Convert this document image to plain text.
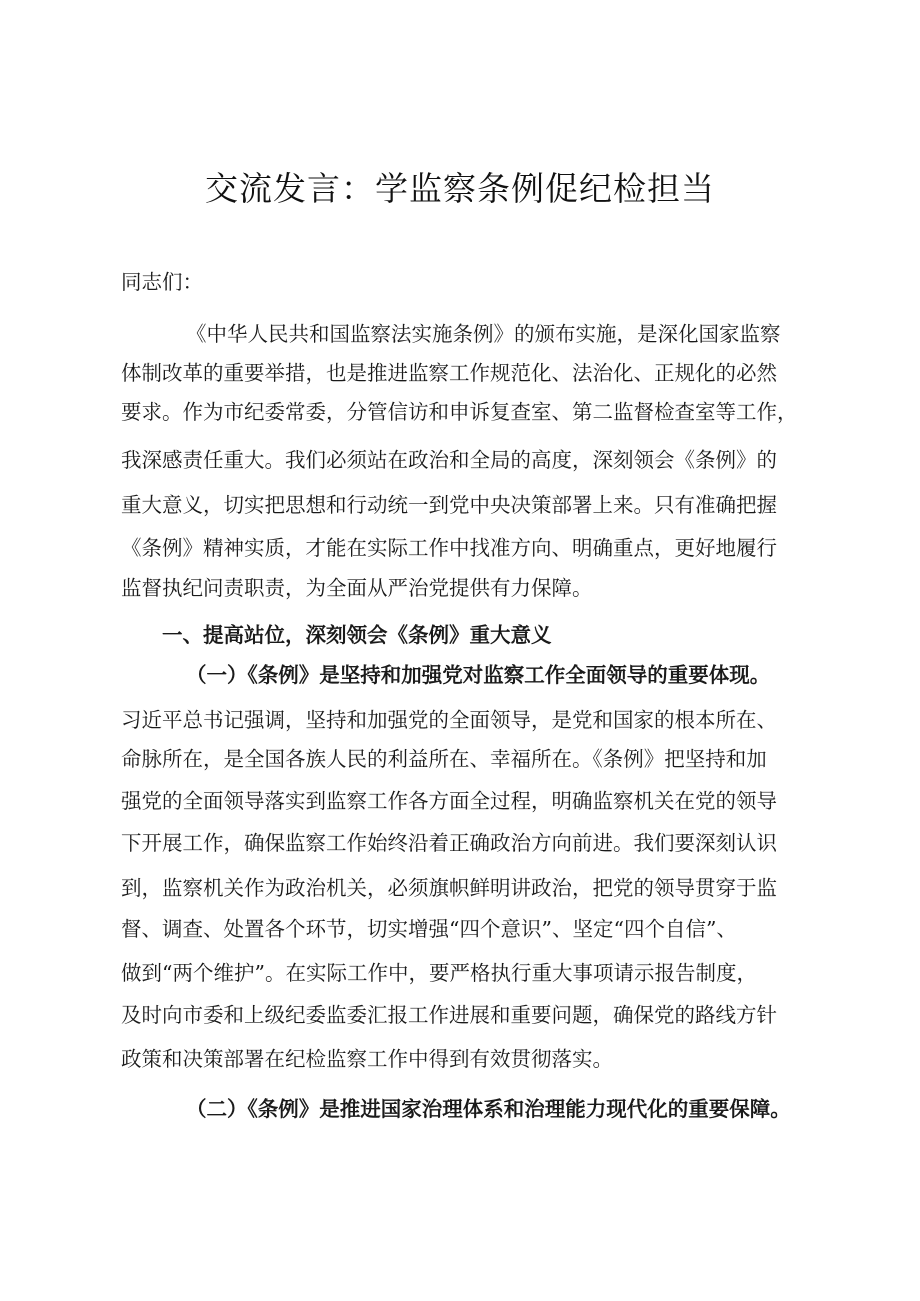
交流发言：学监察条例促纪检担当
同志们：
《中华人民共和国监察法实施条例》的颁布实施，是深化国家监察
体制改革的重要举措，也是推进监察工作规范化、法治化、正规化的必然
要求。作为市纪委常委，分管信访和申诉复查室、第二监督检查室等工作，
我深感责任重大。我们必须站在政治和全局的高度，深刻领会《条例》的
重大意义，切实把思想和行动统一到党中央决策部署上来。只有准确把握
《条例》精神实质，才能在实际工作中找准方向、明确重点，更好地履行
监督执纪问责职责，为全面从严治党提供有力保障。
一、提高站位，深刻领会《条例》重大意义
（一）《条例》是坚持和加强党对监察工作全面领导的重要体现。
习近平总书记强调，坚持和加强党的全面领导，是党和国家的根本所在、
命脉所在，是全国各族人民的利益所在、幸福所在。《条例》把坚持和加
强党的全面领导落实到监察工作各方面全过程，明确监察机关在党的领导
下开展工作，确保监察工作始终沿着正确政治方向前进。我们要深刻认识
到，监察机关作为政治机关，必须旗帜鲜明讲政治，把党的领导贯穿于监
督、调查、处置各个环节，切实增强“四个意识”、坚定“四个自信”、
做到“两个维护”。在实际工作中，要严格执行重大事项请示报告制度，
及时向市委和上级纪委监委汇报工作进展和重要问题，确保党的路线方针
政策和决策部署在纪检监察工作中得到有效贯彻落实。
（二）《条例》是推进国家治理体系和治理能力现代化的重要保障。
